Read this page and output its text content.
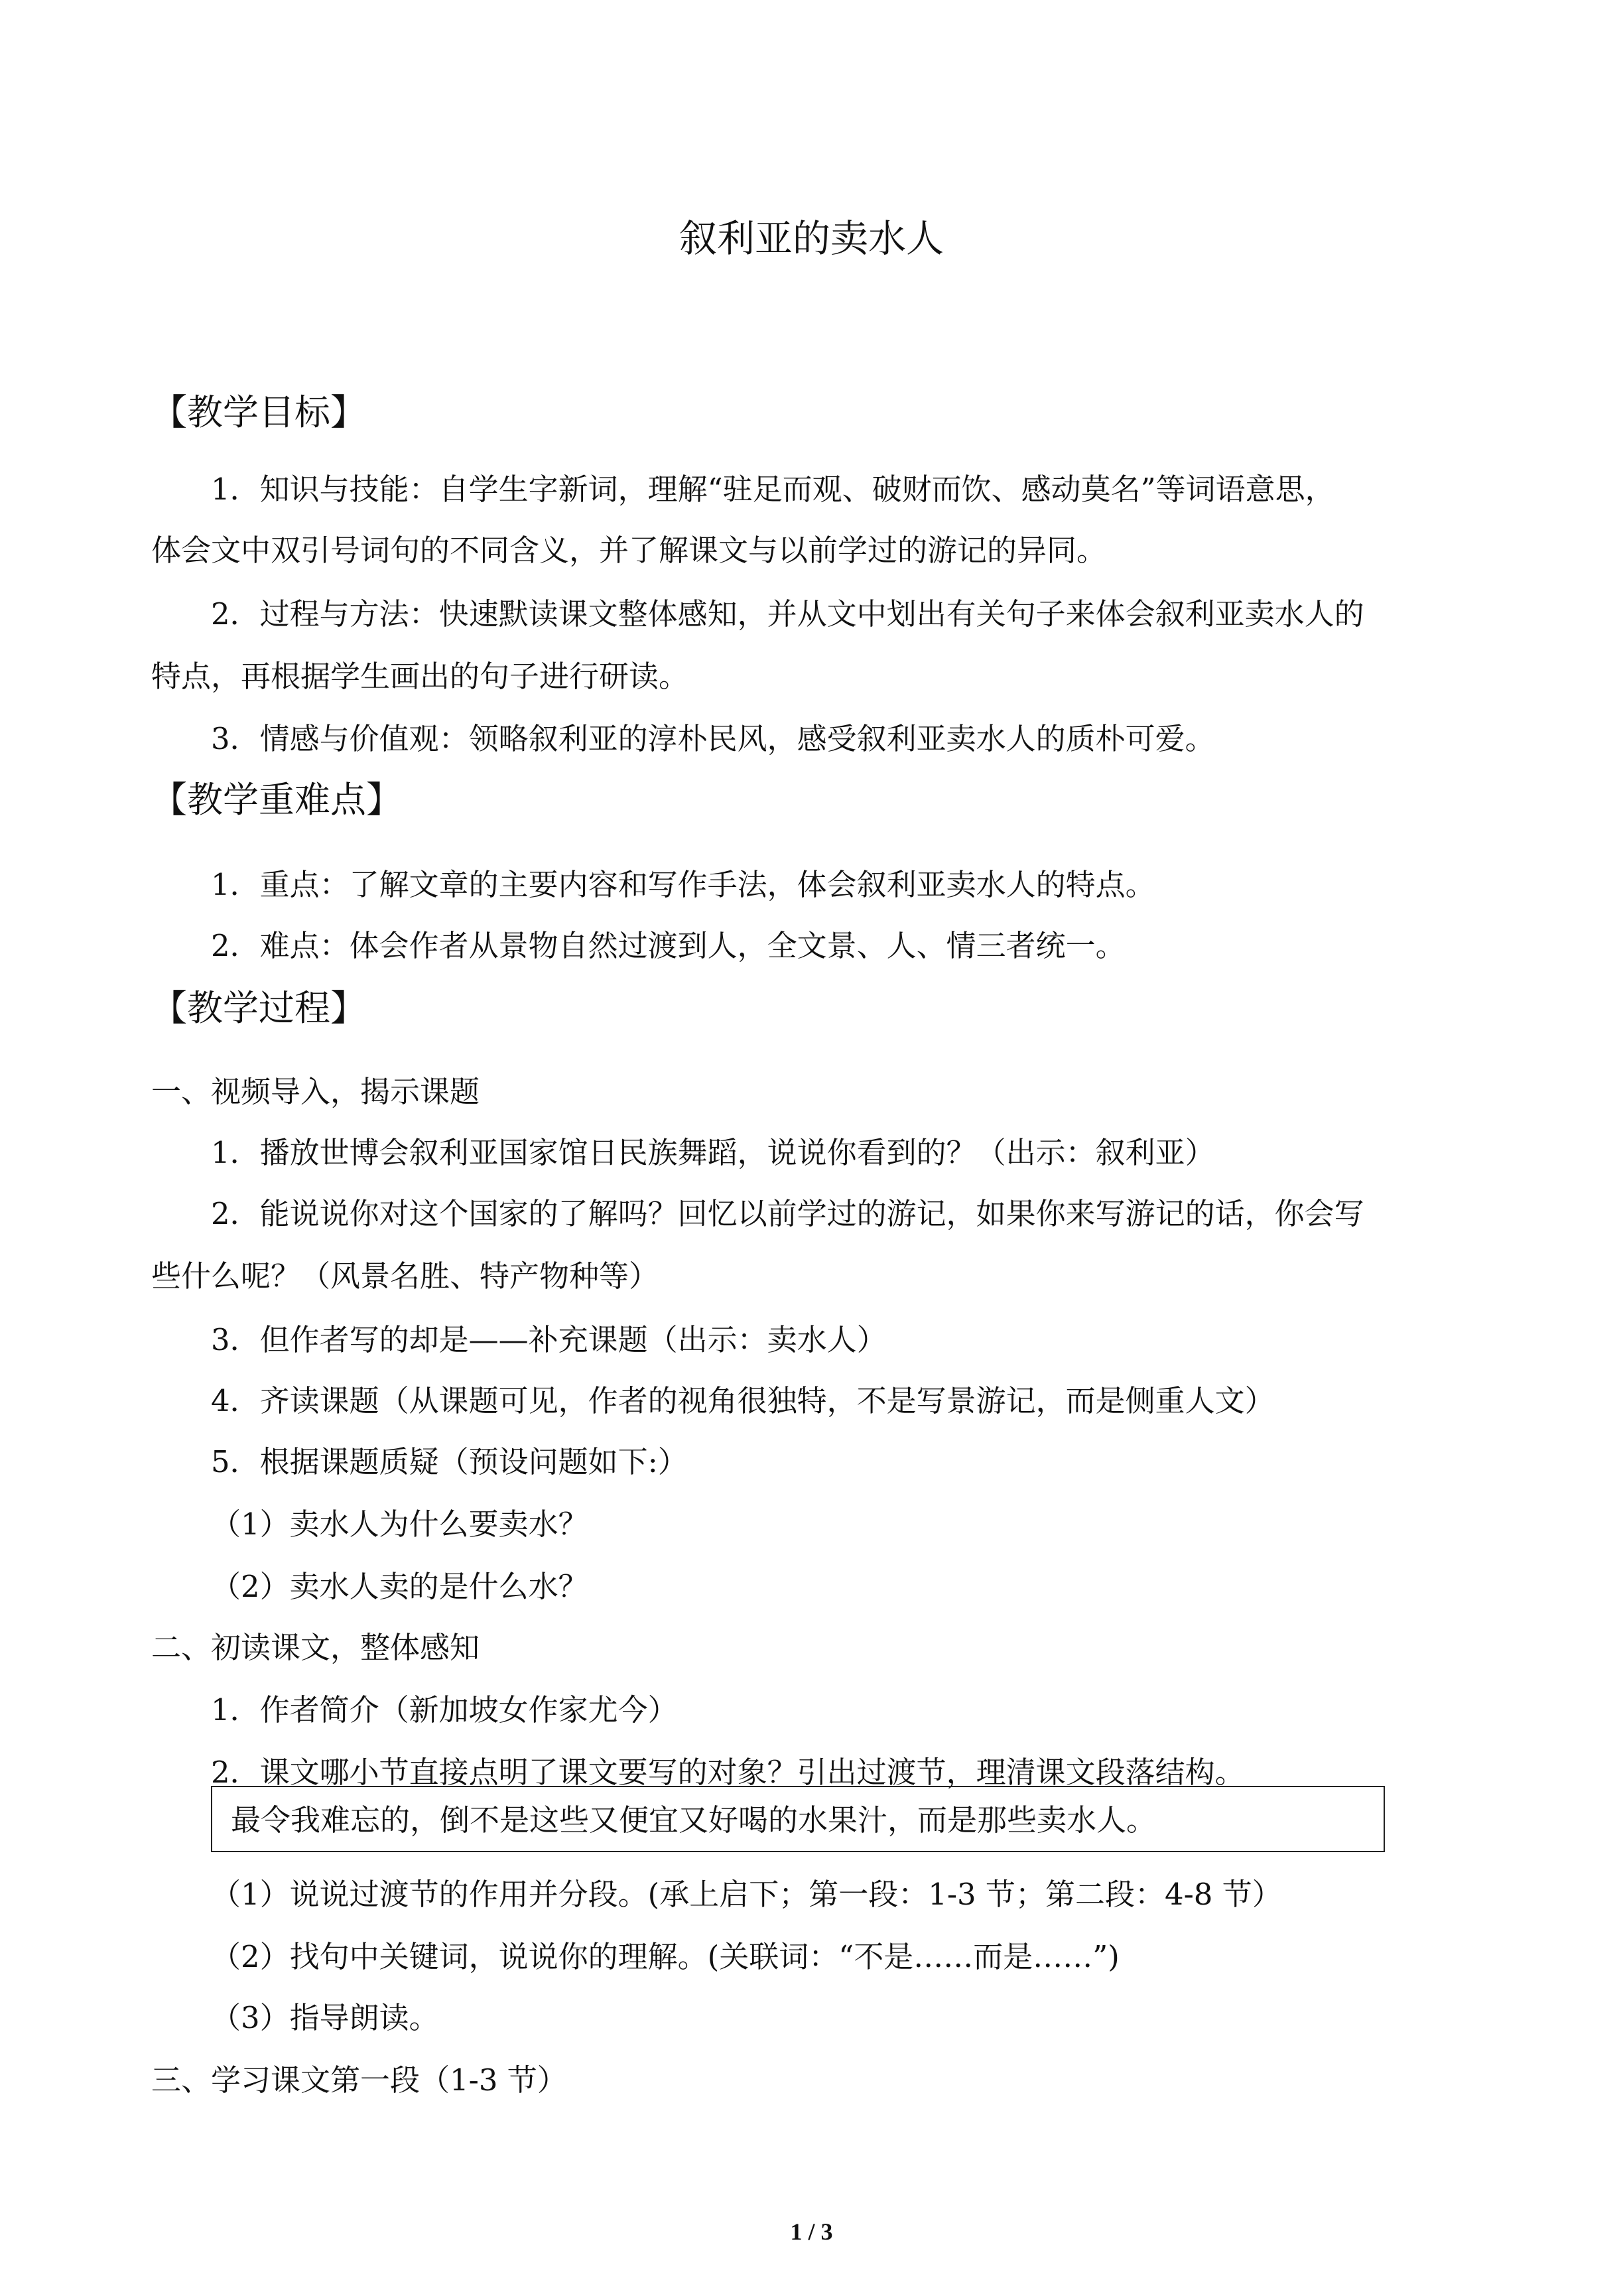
叙利亚的卖水人
【教学目标】
1．知识与技能：自学生字新词，理解“驻足而观、破财而饮、感动莫名”等词语意思，
体会文中双引号词句的不同含义，并了解课文与以前学过的游记的异同。
2．过程与方法：快速默读课文整体感知，并从文中划出有关句子来体会叙利亚卖水人的
特点，再根据学生画出的句子进行研读。
3．情感与价值观：领略叙利亚的淳朴民风，感受叙利亚卖水人的质朴可爱。
【教学重难点】
1．重点：了解文章的主要内容和写作手法，体会叙利亚卖水人的特点。
2．难点：体会作者从景物自然过渡到人，全文景、人、情三者统一。
【教学过程】
一、视频导入，揭示课题
1．播放世博会叙利亚国家馆日民族舞蹈，说说你看到的？（出示：叙利亚）
2．能说说你对这个国家的了解吗？回忆以前学过的游记，如果你来写游记的话，你会写
些什么呢？（风景名胜、特产物种等）
3．但作者写的却是——补充课题（出示：卖水人）
4．齐读课题（从课题可见，作者的视角很独特，不是写景游记，而是侧重人文）
5．根据课题质疑（预设问题如下:）
（1）卖水人为什么要卖水？
（2）卖水人卖的是什么水？
二、初读课文，整体感知
1．作者简介（新加坡女作家尤今）
2．课文哪小节直接点明了课文要写的对象？引出过渡节，理清课文段落结构。
最令我难忘的，倒不是这些又便宜又好喝的水果汁，而是那些卖水人。
（1）说说过渡节的作用并分段。(承上启下；第一段：1-3 节；第二段：4-8 节）
（2）找句中关键词，说说你的理解。(关联词：“不是……而是……”)
（3）指导朗读。
三、学习课文第一段（1-3 节）
1 / 3
